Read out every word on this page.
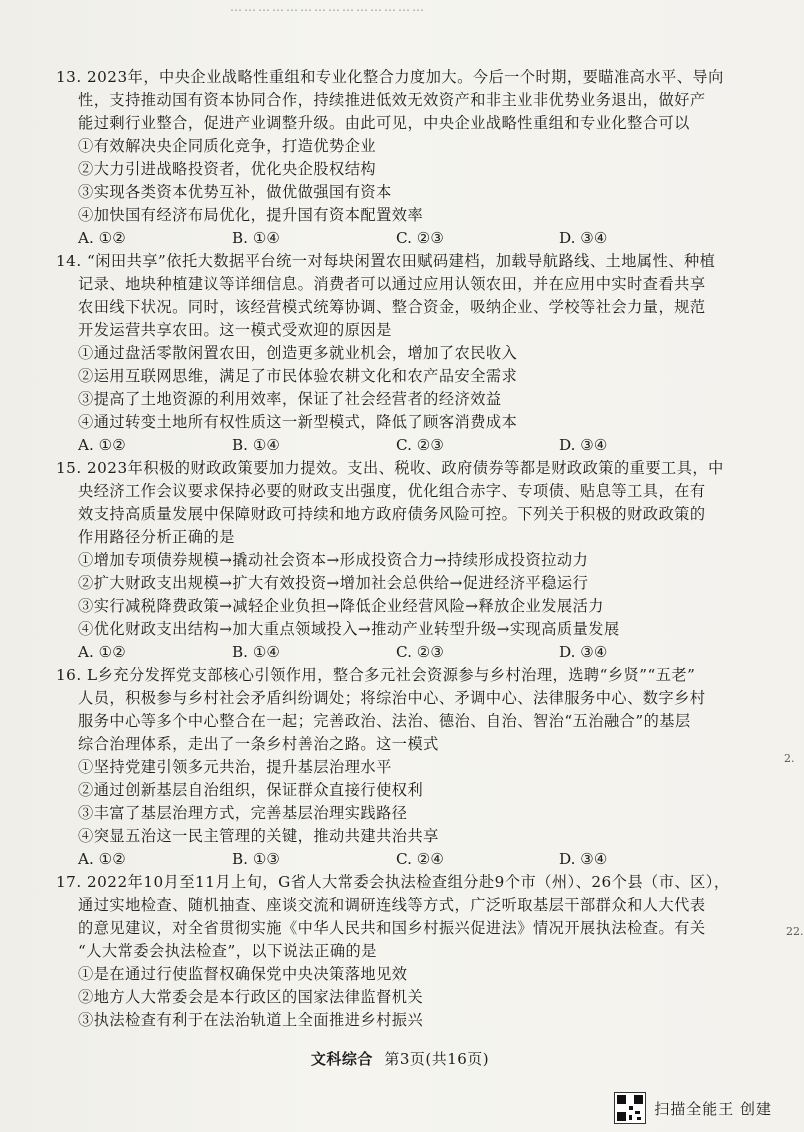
……………………………………

13. 2023年，中央企业战略性重组和专业化整合力度加大。今后一个时期，要瞄准高水平、导向

性，支持推动国有资本协同合作，持续推进低效无效资产和非主业非优势业务退出，做好产

能过剩行业整合，促进产业调整升级。由此可见，中央企业战略性重组和专业化整合可以

①有效解决央企同质化竞争，打造优势企业
②大力引进战略投资者，优化央企股权结构
③实现各类资本优势互补，做优做强国有资本
④加快国有经济布局优化，提升国有资本配置效率
A. ①②	B. ①④	C. ②③	D. ③④

14. “闲田共享”依托大数据平台统一对每块闲置农田赋码建档，加载导航路线、土地属性、种植

记录、地块种植建议等详细信息。消费者可以通过应用认领农田，并在应用中实时查看共享

农田线下状况。同时，该经营模式统筹协调、整合资金，吸纳企业、学校等社会力量，规范

开发运营共享农田。这一模式受欢迎的原因是

①通过盘活零散闲置农田，创造更多就业机会，增加了农民收入
②运用互联网思维，满足了市民体验农耕文化和农产品安全需求
③提高了土地资源的利用效率，保证了社会经营者的经济效益
④通过转变土地所有权性质这一新型模式，降低了顾客消费成本
A. ①②	B. ①④	C. ②③	D. ③④

15. 2023年积极的财政政策要加力提效。支出、税收、政府债券等都是财政政策的重要工具，中

央经济工作会议要求保持必要的财政支出强度，优化组合赤字、专项债、贴息等工具，在有

效支持高质量发展中保障财政可持续和地方政府债务风险可控。下列关于积极的财政政策的

作用路径分析正确的是

①增加专项债券规模→撬动社会资本→形成投资合力→持续形成投资拉动力
②扩大财政支出规模→扩大有效投资→增加社会总供给→促进经济平稳运行
③实行减税降费政策→减轻企业负担→降低企业经营风险→释放企业发展活力
④优化财政支出结构→加大重点领域投入→推动产业转型升级→实现高质量发展
A. ①②	B. ①④	C. ②③	D. ③④

16. L乡充分发挥党支部核心引领作用，整合多元社会资源参与乡村治理，选聘“乡贤”“五老”

人员，积极参与乡村社会矛盾纠纷调处；将综治中心、矛调中心、法律服务中心、数字乡村

服务中心等多个中心整合在一起；完善政治、法治、德治、自治、智治“五治融合”的基层

综合治理体系，走出了一条乡村善治之路。这一模式

①坚持党建引领多元共治，提升基层治理水平
②通过创新基层自治组织，保证群众直接行使权利
③丰富了基层治理方式，完善基层治理实践路径
④突显五治这一民主管理的关键，推动共建共治共享
A. ①②	B. ①③	C. ②④	D. ③④

17. 2022年10月至11月上旬，G省人大常委会执法检查组分赴9个市（州）、26个县（市、区），

通过实地检查、随机抽查、座谈交流和调研连线等方式，广泛听取基层干部群众和人大代表

的意见建议，对全省贯彻实施《中华人民共和国乡村振兴促进法》情况开展执法检查。有关

“人大常委会执法检查”，以下说法正确的是

①是在通过行使监督权确保党中央决策落地见效
②地方人大常委会是本行政区的国家法律监督机关
③执法检查有利于在法治轨道上全面推进乡村振兴
2.
22.
文科综合 第3页(共16页)
扫描全能王 创建
